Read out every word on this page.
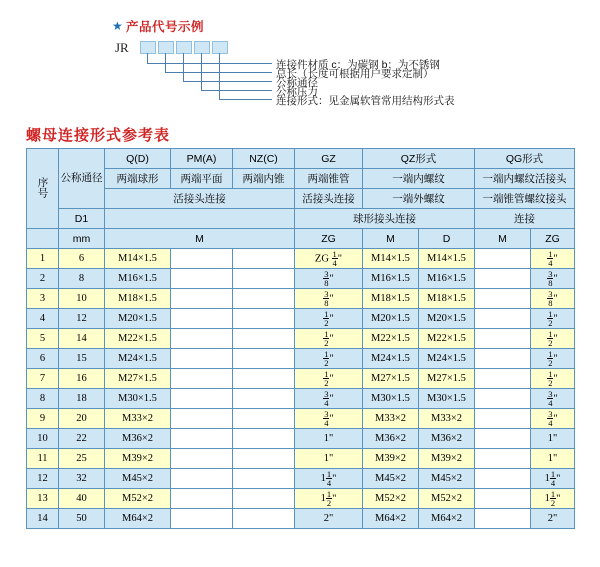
★ 产品代号示例
JR
连接件材质 c：为碳钢 b：为不锈钢
总长（长度可根据用户要求定制）
公称通径
公称压力
连接形式：见金属软管常用结构形式表
螺母连接形式参考表
序号	公称通径	Q(D)	PM(A)	NZ(C)	GZ	QZ形式		QG形式	
		两端球形	两端平面	两端内锥	两端锥管	一端内螺纹		一端内螺纹活接头	
		活接头连接			活接头连接	一端外螺纹		一端锥管螺纹接头	
	D1				球形接头连接			连接	
	mm	M			ZG	M	D	M	ZG
1	6	M14×1.5			ZG $\frac{1}{4}$ "	M14×1.5	M14×1.5		$\frac{1}{4}$ "
2	8	M16×1.5			$\frac{3}{8}$ "	M16×1.5	M16×1.5		$\frac{3}{8}$ "
3	10	M18×1.5			$\frac{3}{8}$ "	M18×1.5	M18×1.5		$\frac{3}{8}$ "
4	12	M20×1.5			$\frac{1}{2}$ "	M20×1.5	M20×1.5		$\frac{1}{2}$ "
5	14	M22×1.5			$\frac{1}{2}$ "	M22×1.5	M22×1.5		$\frac{1}{2}$ "
6	15	M24×1.5			$\frac{1}{2}$ "	M24×1.5	M24×1.5		$\frac{1}{2}$ "
7	16	M27×1.5			$\frac{1}{2}$ "	M27×1.5	M27×1.5		$\frac{1}{2}$ "
8	18	M30×1.5			$\frac{3}{4}$ "	M30×1.5	M30×1.5		$\frac{3}{4}$ "
9	20	M33×2			$\frac{3}{4}$ "	M33×2	M33×2		$\frac{3}{4}$ "
10	22	M36×2			1"	M36×2	M36×2		1"
11	25	M39×2			1"	M39×2	M39×2		1"
12	32	M45×2			$1 \frac{1}{4}$ "	M45×2	M45×2		$1 \frac{1}{4}$ "
13	40	M52×2			$1 \frac{1}{2}$ "	M52×2	M52×2		$1 \frac{1}{2}$ "
14	50	M64×2			2"	M64×2	M64×2		2"
